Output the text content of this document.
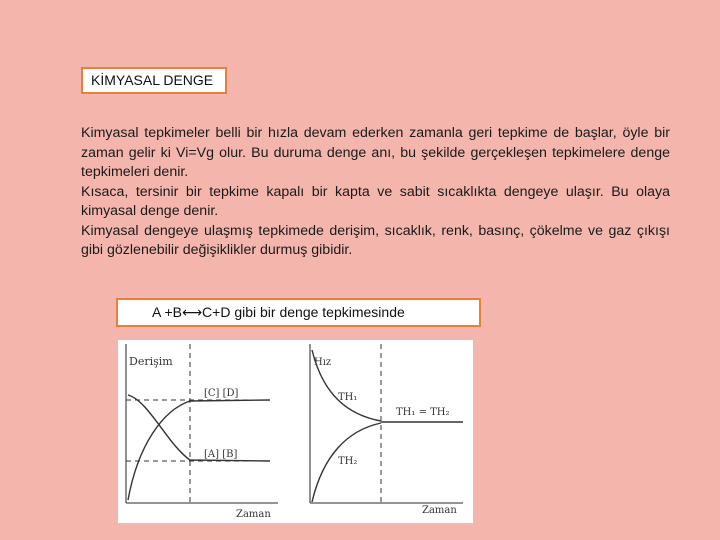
KİMYASAL DENGE

Kimyasal tepkimeler belli bir hızla devam ederken zamanla geri tepkime de başlar, öyle bir zaman gelir ki Vi=Vg olur. Bu duruma denge anı, bu şekilde gerçekleşen tepkimelere denge tepkimeleri denir.

Kısaca, tersinir bir tepkime kapalı bir kapta ve sabit sıcaklıkta dengeye ulaşır. Bu olaya kimyasal denge denir.

Kimyasal dengeye ulaşmış tepkimede derişim, sıcaklık, renk, basınç, çökelme ve gaz çıkışı gibi gözlenebilir değişiklikler durmuş gibidir.

A +B⟷C+D gibi bir denge tepkimesinde
Derişim
Zaman
[C] [D]
[A] [B]
Hız
Zaman
TH₁
TH₂
TH₁ = TH₂
